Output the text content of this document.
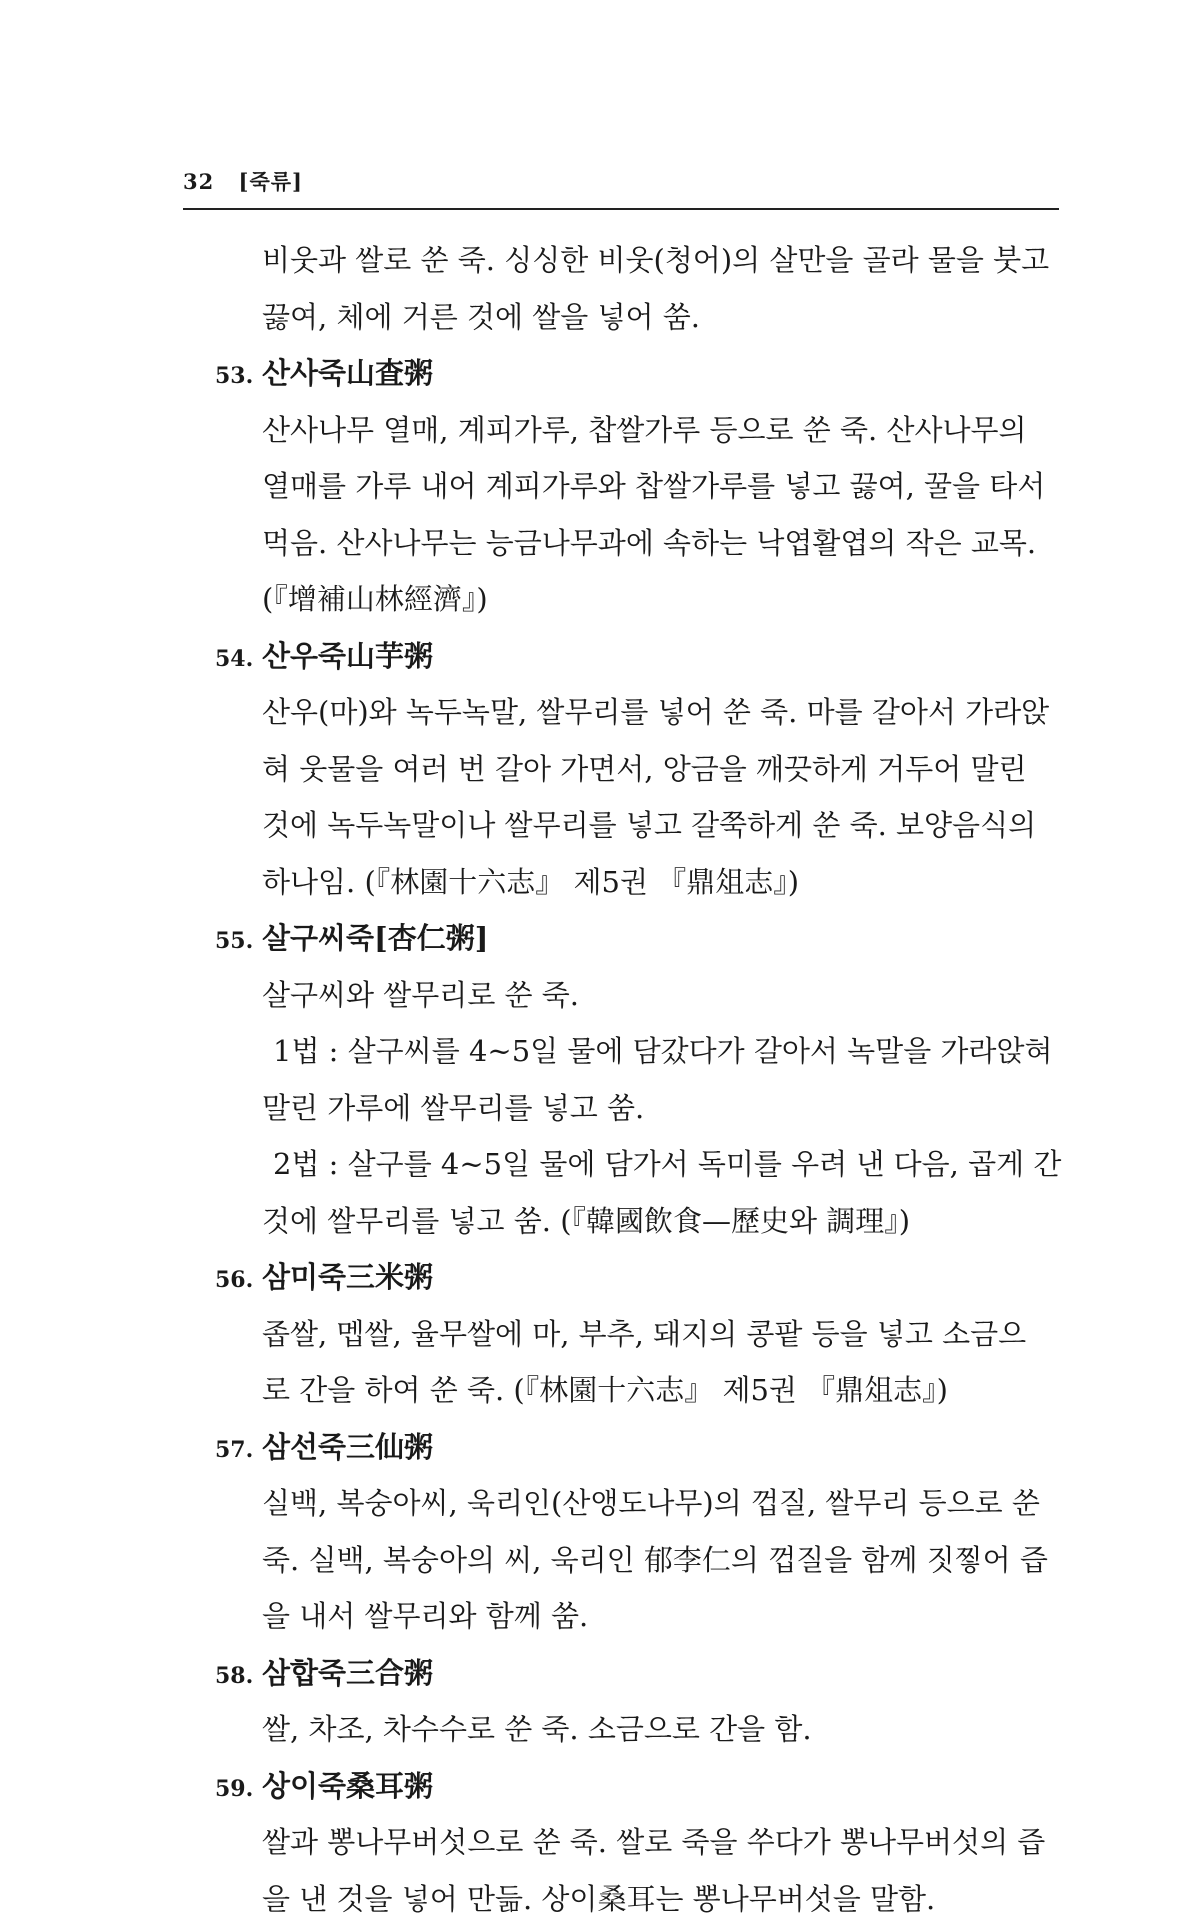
32 [죽류]
비웃과 쌀로 쑨 죽. 싱싱한 비웃(청어)의 살만을 골라 물을 붓고
끓여, 체에 거른 것에 쌀을 넣어 쑴.
53. 산사죽山査粥
산사나무 열매, 계피가루, 찹쌀가루 등으로 쑨 죽. 산사나무의
열매를 가루 내어 계피가루와 찹쌀가루를 넣고 끓여, 꿀을 타서
먹음. 산사나무는 능금나무과에 속하는 낙엽활엽의 작은 교목.
(『增補山林經濟』)
54. 산우죽山芋粥
산우(마)와 녹두녹말, 쌀무리를 넣어 쑨 죽. 마를 갈아서 가라앉
혀 웃물을 여러 번 갈아 가면서, 앙금을 깨끗하게 거두어 말린
것에 녹두녹말이나 쌀무리를 넣고 갈쭉하게 쑨 죽. 보양음식의
하나임. (『林園十六志』 제5권 『鼎俎志』)
55. 살구씨죽[杏仁粥]
살구씨와 쌀무리로 쑨 죽.
1법 : 살구씨를 4~5일 물에 담갔다가 갈아서 녹말을 가라앉혀
말린 가루에 쌀무리를 넣고 쑴.
2법 : 살구를 4~5일 물에 담가서 독미를 우려 낸 다음, 곱게 간
것에 쌀무리를 넣고 쑴. (『韓國飲食—歷史와 調理』)
56. 삼미죽三米粥
좁쌀, 멥쌀, 율무쌀에 마, 부추, 돼지의 콩팥 등을 넣고 소금으
로 간을 하여 쑨 죽. (『林園十六志』 제5권 『鼎俎志』)
57. 삼선죽三仙粥
실백, 복숭아씨, 욱리인(산앵도나무)의 껍질, 쌀무리 등으로 쑨
죽. 실백, 복숭아의 씨, 욱리인 郁李仁의 껍질을 함께 짓찧어 즙
을 내서 쌀무리와 함께 쑴.
58. 삼합죽三合粥
쌀, 차조, 차수수로 쑨 죽. 소금으로 간을 함.
59. 상이죽桑耳粥
쌀과 뽕나무버섯으로 쑨 죽. 쌀로 죽을 쑤다가 뽕나무버섯의 즙
을 낸 것을 넣어 만듦. 상이桑耳는 뽕나무버섯을 말함.
